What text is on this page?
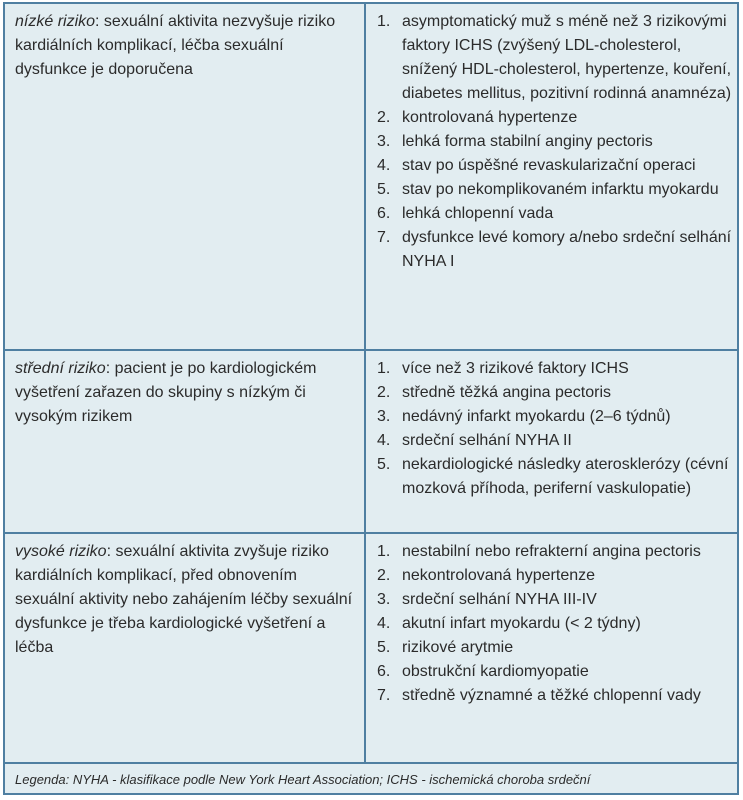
nízké riziko: sexuální aktivita nezvyšuje riziko kardiálních komplikací, léčba sexuální dysfunkce je doporučena
1. asymptomatický muž s méně než 3 rizikovými faktory ICHS (zvýšený LDL-cholesterol, snížený HDL-cholesterol, hypertenze, kouření, diabetes mellitus, pozitivní rodinná anamnéza)
2. kontrolovaná hypertenze
3. lehká forma stabilní anginy pectoris
4. stav po úspěšné revaskularizační operaci
5. stav po nekomplikovaném infarktu myokardu
6. lehká chlopenní vada
7. dysfunkce levé komory a/nebo srdeční selhání NYHA I
střední riziko: pacient je po kardiologickém vyšetření zařazen do skupiny s nízkým či vysokým rizikem
1. více než 3 rizikové faktory ICHS
2. středně těžká angina pectoris
3. nedávný infarkt myokardu (2–6 týdnů)
4. srdeční selhání NYHA II
5. nekardiologické následky aterosklerózy (cévní mozková příhoda, periferní vaskulopatie)
vysoké riziko: sexuální aktivita zvyšuje riziko kardiálních komplikací, před obnovením sexuální aktivity nebo zahájením léčby sexuální dysfunkce je třeba kardiologické vyšetření a léčba
1. nestabilní nebo refrakterní angina pectoris
2. nekontrolovaná hypertenze
3. srdeční selhání NYHA III-IV
4. akutní infart myokardu (< 2 týdny)
5. rizikové arytmie
6. obstrukční kardiomyopatie
7. středně významné a těžké chlopenní vady
Legenda: NYHA - klasifikace podle New York Heart Association; ICHS - ischemická choroba srdeční
